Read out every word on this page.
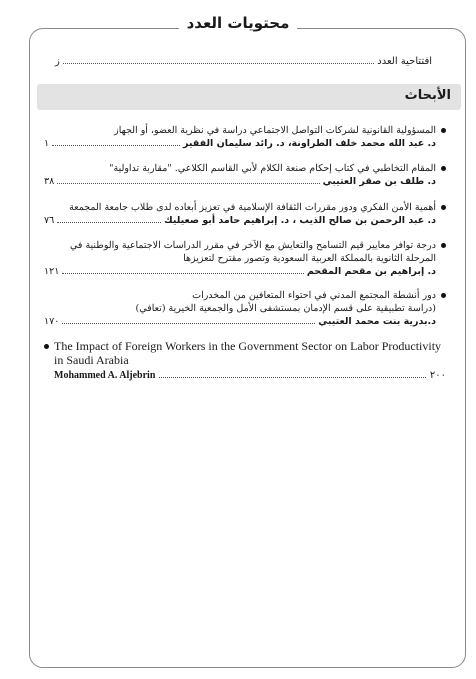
محتويات العدد
افتتاحية العدد
ز
الأبحاث
المسؤولية القانونية لشركات التواصل الاجتماعي دراسة في نظرية العضو، أو الجهاز
د. عبد الله محمد خلف الطراونة، د. رائد سليمان الفقير
١
المقام التخاطبي في كتاب إحكام صنعة الكلام لأبي القاسم الكلاعي. "مقاربة تداولية"
د. طلف بن صقر العتيبي
٣٨
أهمية الأمن الفكري ودور مقررات الثقافة الإسلامية في تعزيز أبعاده لدى طلاب جامعة المجمعة
د. عبد الرحمن بن صالح الذيب ، د. إبراهيم حامد أبو صعيليك
٧٦
درجة توافر معايير قيم التسامح والتعايش مع الآخر في مقرر الدراسات الاجتماعية والوطنية في المرحلة الثانوية بالمملكة العربية السعودية وتصور مقترح لتعزيزها
د. إبراهيم بن مقحم المقحم
١٢١
دور أنشطة المجتمع المدني في احتواء المتعافين من المخدرات
(دراسة تطبيقية على قسم الإدمان بمستشفى الأمل والجمعية الخيرية (تعافي)
د.بدرية بنت محمد العتيبي
١٧٠
The Impact of Foreign Workers in the Government Sector on Labor Productivity in Saudi Arabia
Mohammed A. Aljebrin	٢٠٠
